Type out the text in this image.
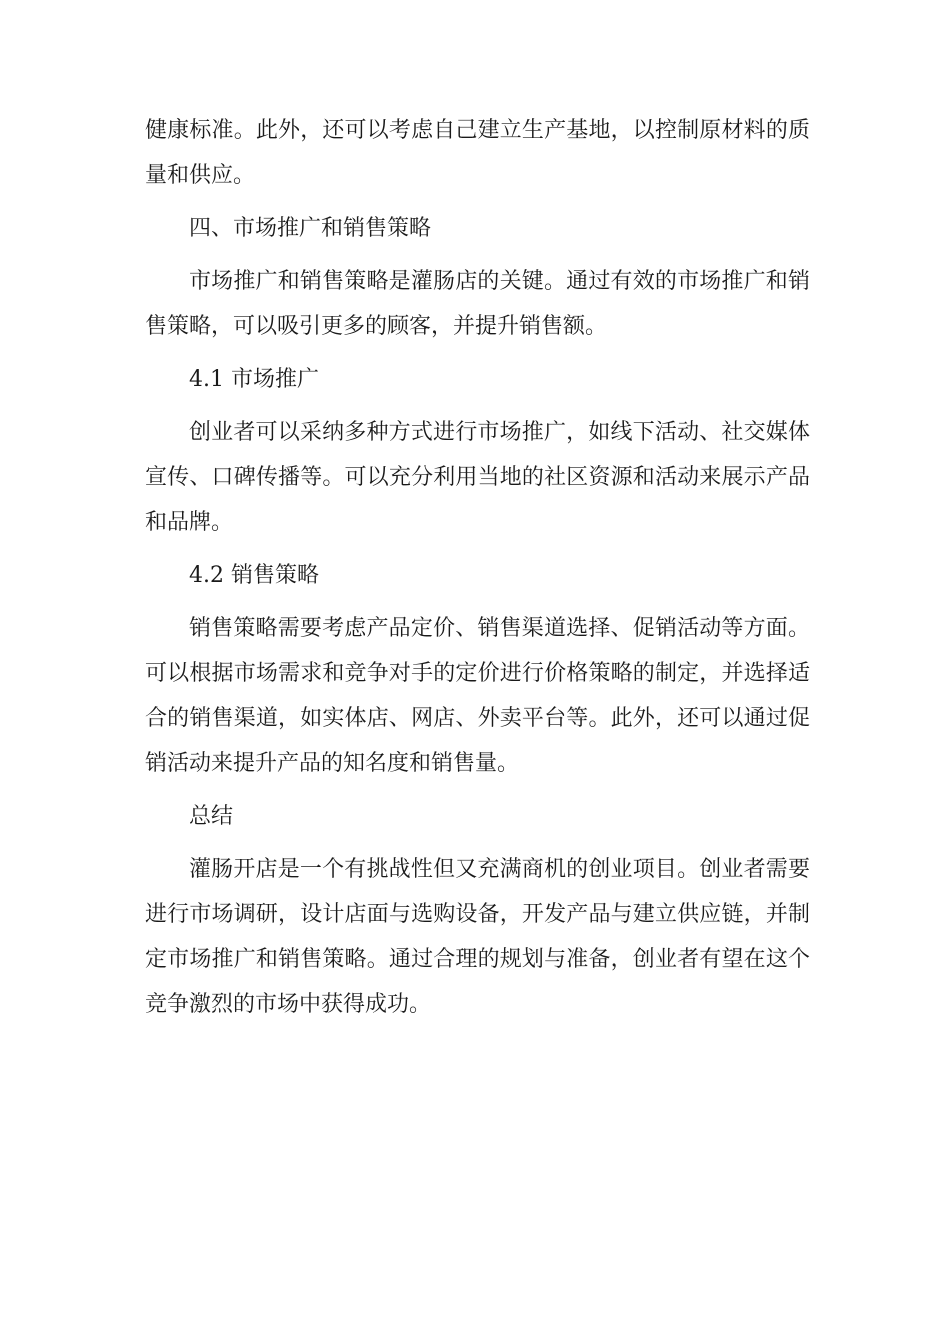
健康标准。此外，还可以考虑自己建立生产基地，以控制原材料的质量和供应。

四、市场推广和销售策略

市场推广和销售策略是灌肠店的关键。通过有效的市场推广和销售策略，可以吸引更多的顾客，并提升销售额。

4.1 市场推广

创业者可以采纳多种方式进行市场推广，如线下活动、社交媒体宣传、口碑传播等。可以充分利用当地的社区资源和活动来展示产品和品牌。

4.2 销售策略

销售策略需要考虑产品定价、销售渠道选择、促销活动等方面。可以根据市场需求和竞争对手的定价进行价格策略的制定，并选择适合的销售渠道，如实体店、网店、外卖平台等。此外，还可以通过促销活动来提升产品的知名度和销售量。

总结

灌肠开店是一个有挑战性但又充满商机的创业项目。创业者需要进行市场调研，设计店面与选购设备，开发产品与建立供应链，并制定市场推广和销售策略。通过合理的规划与准备，创业者有望在这个竞争激烈的市场中获得成功。
